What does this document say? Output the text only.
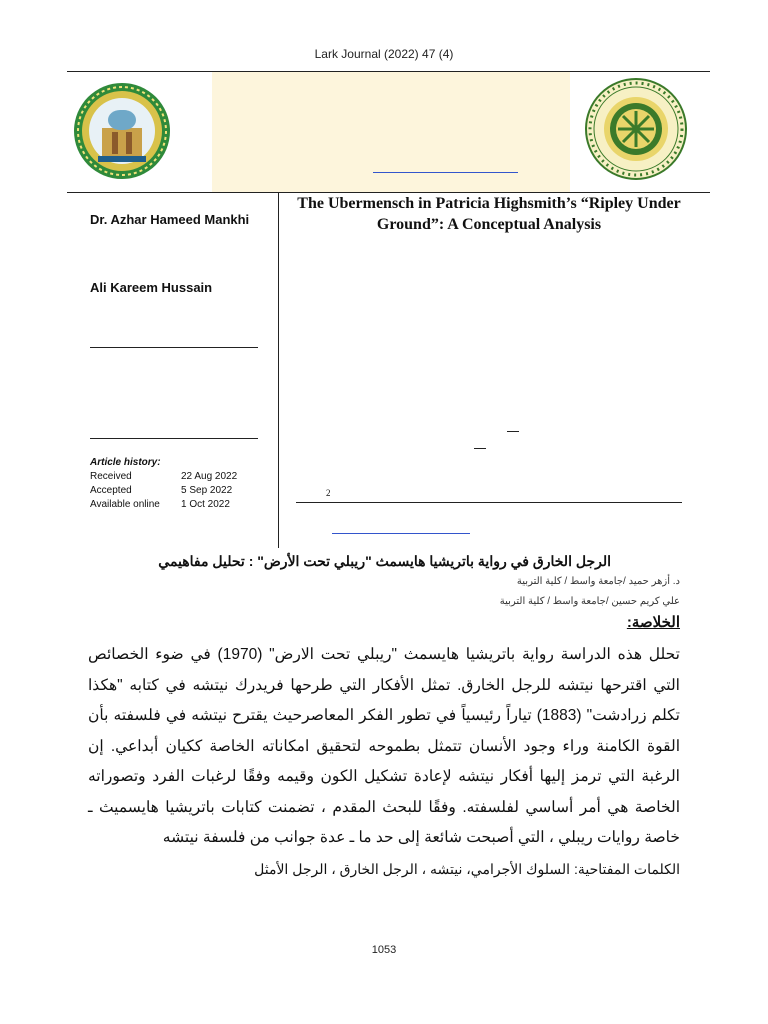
Lark Journal (2022) 47 (4)
Dr. Azhar Hameed Mankhi
Ali Kareem Hussain
The Ubermensch in Patricia Highsmith’s “Ripley Under Ground”: A Conceptual Analysis
Article history:
Received	22 Aug 2022
Accepted	5 Sep 2022
Available online	1 Oct 2022
2
الرجل الخارق في رواية باتريشيا هايسمث "ريبلي تحت الأرض" : تحليل مفاهيمي
د. أزهر حميد /جامعة واسط / كلية التربية
علي كريم حسين /جامعة واسط / كلية التربية
الخلاصة:
تحلل هذه الدراسة رواية باتريشيا هايسمث "ريبلي تحت الارض" (1970) في ضوء الخصائص التي اقترحها نيتشه للرجل الخارق. تمثل الأفكار التي طرحها فريدرك نيتشه في كتابه "هكذا تكلم زرادشت" (1883) تياراً رئيسياً في تطور الفكر المعاصرحيث يقترح نيتشه في فلسفته بأن القوة الكامنة وراء وجود الأنسان تتمثل بطموحه لتحقيق امكاناته الخاصة ككيان أبداعي. إن الرغبة التي ترمز إليها أفكار نيتشه لإعادة تشكيل الكون وقيمه وفقًا لرغبات الفرد وتصوراته الخاصة هي أمر أساسي لفلسفته. وفقًا للبحث المقدم ، تضمنت كتابات باتريشيا هايسميث ـ خاصة روايات ريبلي ، التي أصبحت شائعة إلى حد ما ـ عدة جوانب من فلسفة نيتشه
الكلمات المفتاحية: السلوك الأجرامي، نيتشه ، الرجل الخارق ، الرجل الأمثل
1053
